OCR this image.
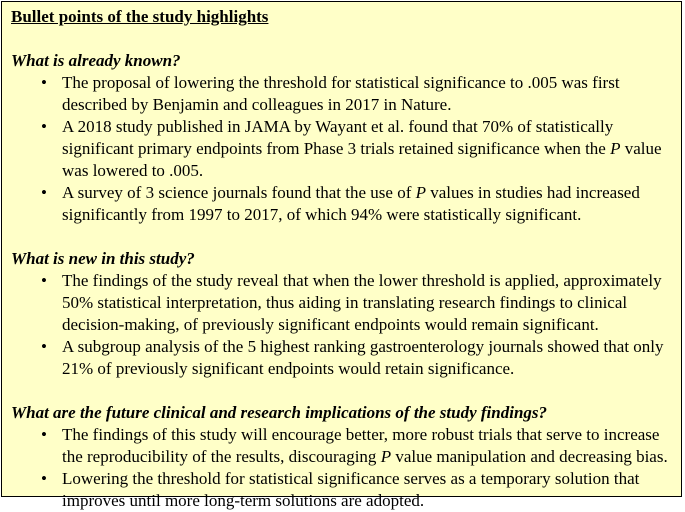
Bullet points of the study highlights
What is already known?
• The proposal of lowering the threshold for statistical significance to .005 was first described by Benjamin and colleagues in 2017 in Nature.
• A 2018 study published in JAMA by Wayant et al. found that 70% of statistically significant primary endpoints from Phase 3 trials retained significance when the P value was lowered to .005.
• A survey of 3 science journals found that the use of P values in studies had increased significantly from 1997 to 2017, of which 94% were statistically significant.
What is new in this study?
• The findings of the study reveal that when the lower threshold is applied, approximately 50% statistical interpretation, thus aiding in translating research findings to clinical decision-making, of previously significant endpoints would remain significant.
• A subgroup analysis of the 5 highest ranking gastroenterology journals showed that only 21% of previously significant endpoints would retain significance.
What are the future clinical and research implications of the study findings?
• The findings of this study will encourage better, more robust trials that serve to increase the reproducibility of the results, discouraging P value manipulation and decreasing bias.
• Lowering the threshold for statistical significance serves as a temporary solution that improves until more long-term solutions are adopted.
